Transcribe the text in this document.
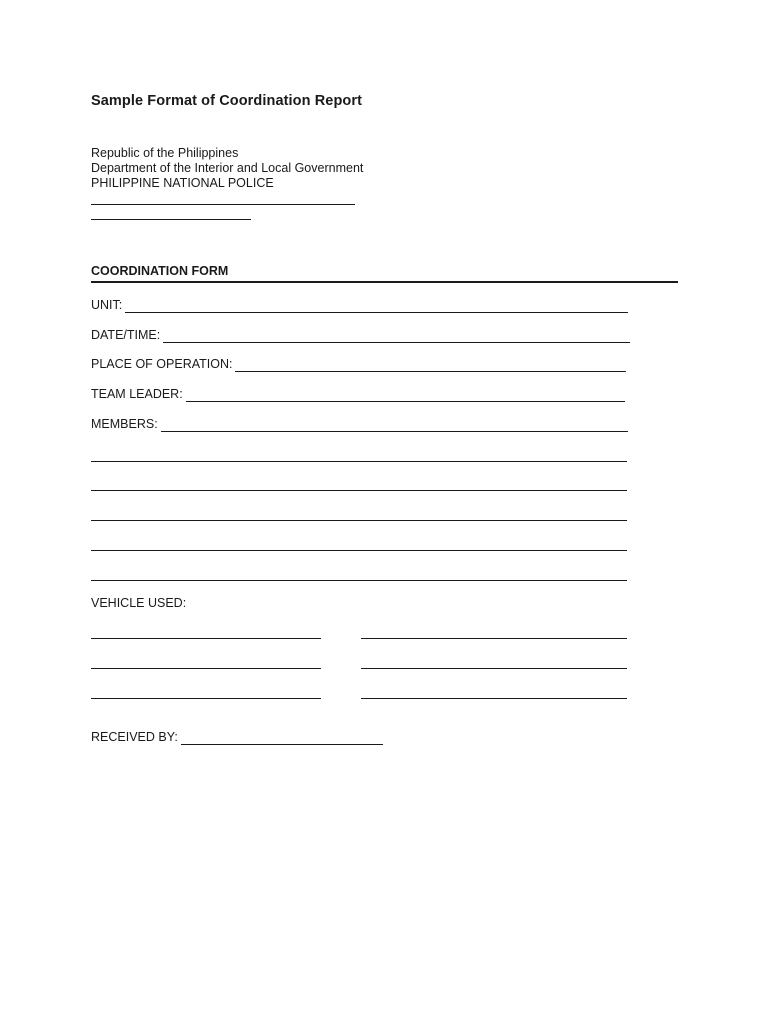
Sample Format of Coordination Report
Republic of the Philippines
Department of the Interior and Local Government
PHILIPPINE NATIONAL POLICE
COORDINATION FORM
UNIT:
DATE/TIME:
PLACE OF OPERATION:
TEAM LEADER:
MEMBERS:
VEHICLE USED:
RECEIVED BY:
